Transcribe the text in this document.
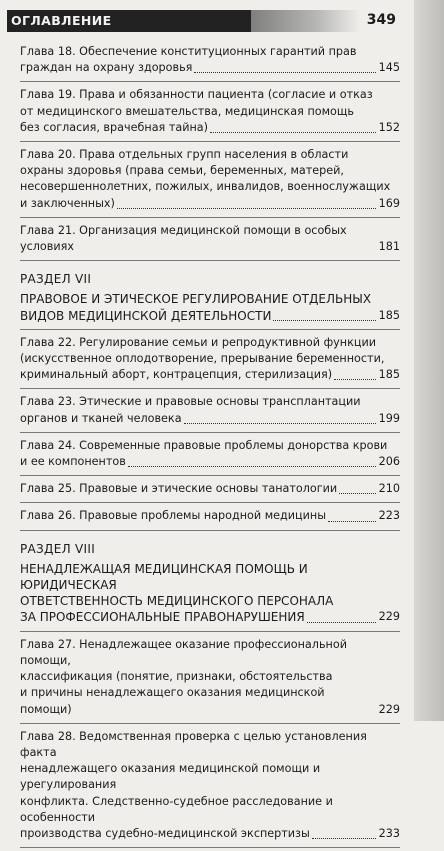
ОГЛАВЛЕНИЕ	349
Глава 18. Обеспечение конституционных гарантий прав
граждан на охрану здоровья	145
Глава 19. Права и обязанности пациента (согласие и отказ
от медицинского вмешательства, медицинская помощь
без согласия, врачебная тайна)	152
Глава 20. Права отдельных групп населения в области
охраны здоровья (права семьи, беременных, матерей,
несовершеннолетних, пожилых, инвалидов, военнослужащих
и заключенных)	169
Глава 21. Организация медицинской помощи в особых условиях	181
РАЗДЕЛ VII
ПРАВОВОЕ И ЭТИЧЕСКОЕ РЕГУЛИРОВАНИЕ ОТДЕЛЬНЫХ
ВИДОВ МЕДИЦИНСКОЙ ДЕЯТЕЛЬНОСТИ	185
Глава 22. Регулирование семьи и репродуктивной функции
(искусственное оплодотворение, прерывание беременности,
криминальный аборт, контрацепция, стерилизация)	185
Глава 23. Этические и правовые основы трансплантации
органов и тканей человека	199
Глава 24. Современные правовые проблемы донорства крови
и ее компонентов	206
Глава 25. Правовые и этические основы танатологии	210
Глава 26. Правовые проблемы народной медицины	223
РАЗДЕЛ VIII
НЕНАДЛЕЖАЩАЯ МЕДИЦИНСКАЯ ПОМОЩЬ И ЮРИДИЧЕСКАЯ
ОТВЕТСТВЕННОСТЬ МЕДИЦИНСКОГО ПЕРСОНАЛА
ЗА ПРОФЕССИОНАЛЬНЫЕ ПРАВОНАРУШЕНИЯ	229
Глава 27. Ненадлежащее оказание профессиональной помощи,
классификация (понятие, признаки, обстоятельства
и причины ненадлежащего оказания медицинской помощи)	229
Глава 28. Ведомственная проверка с целью установления факта
ненадлежащего оказания медицинской помощи и урегулирования
конфликта. Следственно-судебное расследование и особенности
производства судебно-медицинской экспертизы	233
